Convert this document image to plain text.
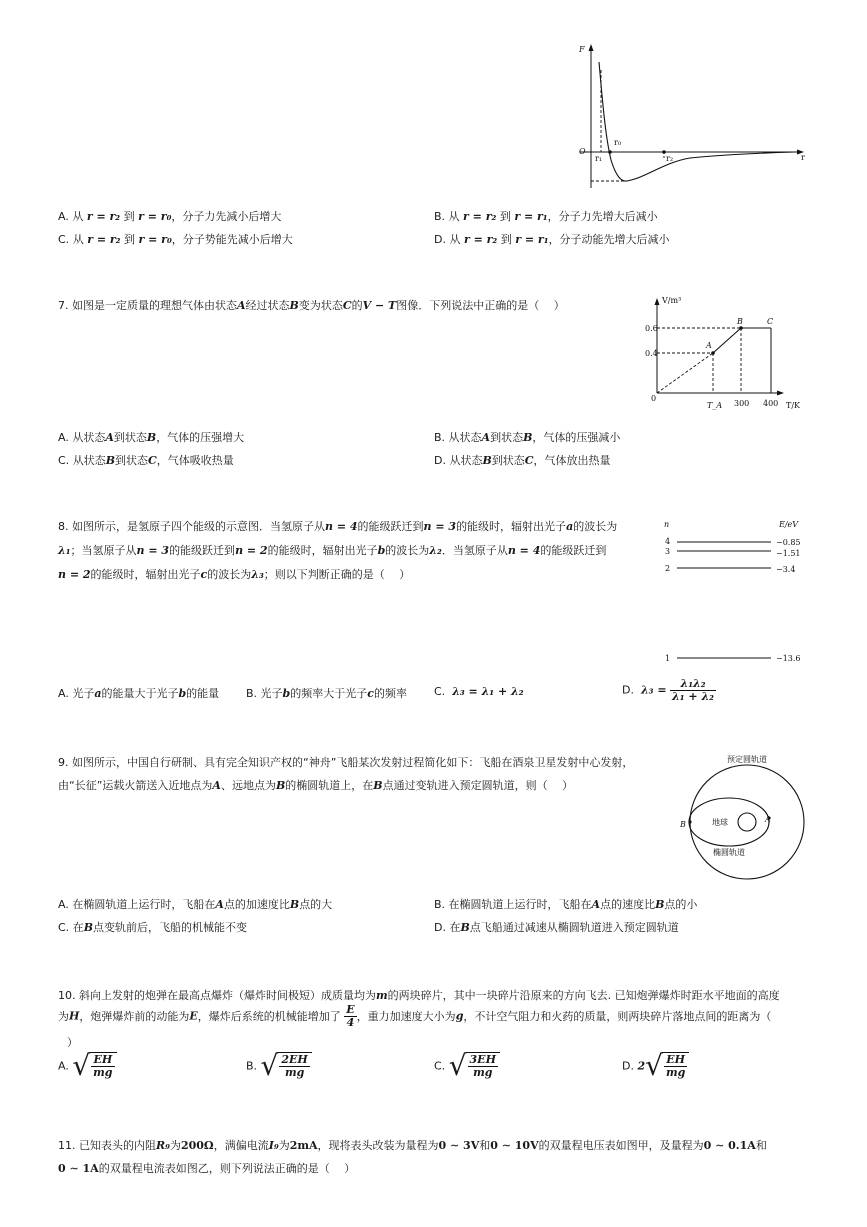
F
O
r
r₀
r₁	r₂
V/m³
T/K
0.6
0.4
0
T_A 300 400
A
B	C
n	E/eV
4
3
2
1
−0.85
−1.51
−3.4
−13.6
预定圆轨道
地球
椭圆轨道
A
B
A. 从 r = r₂ 到 r = r₀，分子力先减小后增大	B. 从 r = r₂ 到 r = r₁，分子力先增大后减小
C. 从 r = r₂ 到 r = r₀，分子势能先减小后增大	D. 从 r = r₂ 到 r = r₁，分子动能先增大后减小
7. 如图是一定质量的理想气体由状态A经过状态B变为状态C的V − T图像．下列说法中正确的是（　 ）
A. 从状态A到状态B，气体的压强增大	B. 从状态A到状态B，气体的压强减小
C. 从状态B到状态C，气体吸收热量	D. 从状态B到状态C，气体放出热量
8. 如图所示，是氢原子四个能级的示意图．当氢原子从n = 4的能级跃迁到n = 3的能级时，辐射出光子a的波长为
λ₁；当氢原子从n = 3的能级跃迁到n = 2的能级时，辐射出光子b的波长为λ₂．当氢原子从n = 4的能级跃迁到
n = 2的能级时，辐射出光子c的波长为λ₃；则以下判断正确的是（　 ）
A. 光子a的能量大于光子b的能量 B. 光子b的频率大于光子c的频率 C. λ₃ = λ₁ + λ₂	D. $\lambda_3 = \frac{\text{λ₁λ₂}}{\text{λ₁ + λ₂}}$
9. 如图所示，中国自行研制、具有完全知识产权的“神舟”飞船某次发射过程简化如下：飞船在酒泉卫星发射中心发射，
由“长征”运载火箭送入近地点为A、远地点为B的椭圆轨道上，在B点通过变轨进入预定圆轨道，则（　 ）
A. 在椭圆轨道上运行时，飞船在A点的加速度比B点的大	B. 在椭圆轨道上运行时，飞船在A点的速度比B点的小
C. 在B点变轨前后，飞船的机械能不变	D. 在B点飞船通过减速从椭圆轨道进入预定圆轨道
10. 斜向上发射的炮弹在最高点爆炸（爆炸时间极短）成质量均为m的两块碎片，其中一块碎片沿原来的方向飞去. 已知炮弹爆炸时距水平地面的高度
为H，炮弹爆炸前的动能为E，爆炸后系统的机械能增加了 $\frac{E}{4}$ ，重力加速度大小为g，不计空气阻力和火药的质量，则两块碎片落地点间的距离为（
）
A. √ $\frac{EH}{mg}$	B. √ $\frac{2EH}{mg}$	C. √ $\frac{3EH}{mg}$	D. 2 √ $\frac{EH}{mg}$
11. 已知表头的内阻R₉为200Ω，满偏电流I₉为2mA，现将表头改装为量程为0 ∼ 3V和0 ∼ 10V的双量程电压表如图甲，及量程为0 ∼ 0.1A和
0 ∼ 1A的双量程电流表如图乙，则下列说法正确的是（　 ）
